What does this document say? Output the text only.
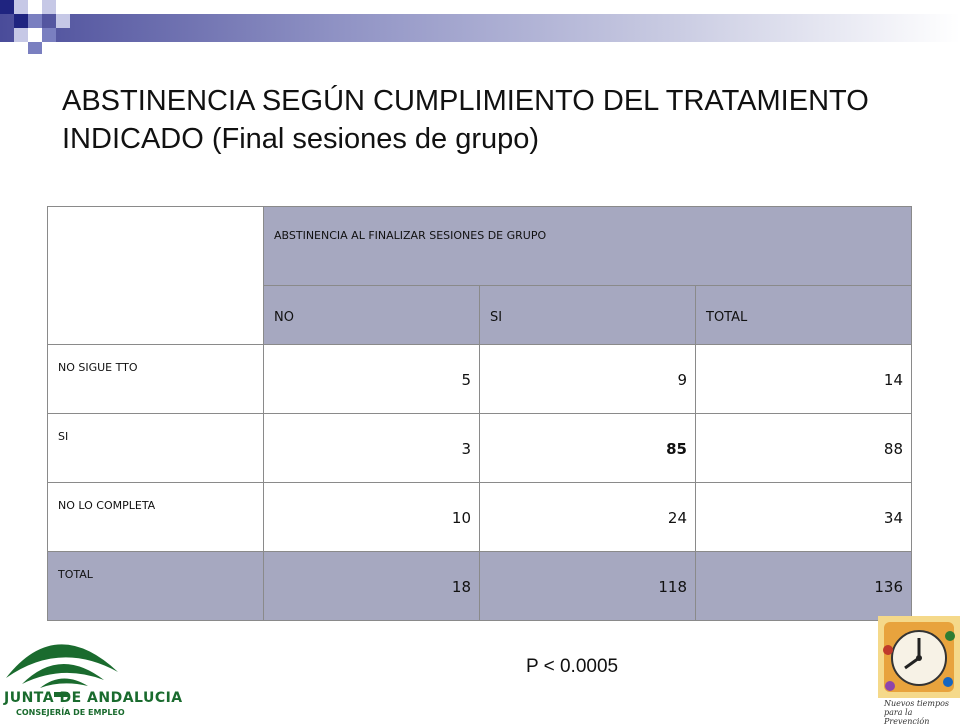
ABSTINENCIA SEGÚN CUMPLIMIENTO DEL TRATAMIENTO INDICADO (Final sesiones de grupo)
	ABSTINENCIA AL FINALIZAR SESIONES DE GRUPO		
	NO	SI	TOTAL
NO SIGUE TTO	5	9	14
SI	3	85	88
NO LO COMPLETA	10	24	34
TOTAL	18	118	136
P < 0.0005
JUNTA DE ANDALUCIA
CONSEJERÍA DE EMPLEO
Nuevos tiempos para la Prevención
